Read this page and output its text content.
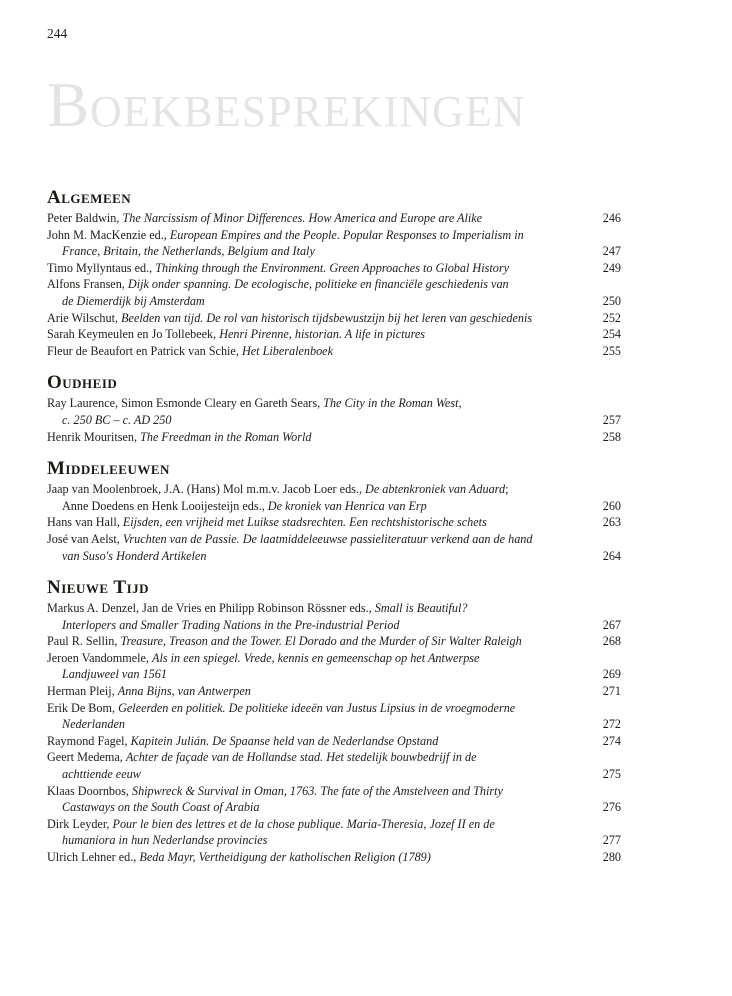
244
Boekbesprekingen
Algemeen
Peter Baldwin, The Narcissism of Minor Differences. How America and Europe are Alike	246
John M. MacKenzie ed., European Empires and the People. Popular Responses to Imperialism in
France, Britain, the Netherlands, Belgium and Italy	247
Timo Myllyntaus ed., Thinking through the Environment. Green Approaches to Global History	249
Alfons Fransen, Dijk onder spanning. De ecologische, politieke en financiële geschiedenis van
de Diemerdijk bij Amsterdam	250
Arie Wilschut, Beelden van tijd. De rol van historisch tijdsbewustzijn bij het leren van geschiedenis	252
Sarah Keymeulen en Jo Tollebeek, Henri Pirenne, historian. A life in pictures	254
Fleur de Beaufort en Patrick van Schie, Het Liberalenboek	255
Oudheid
Ray Laurence, Simon Esmonde Cleary en Gareth Sears, The City in the Roman West,
c. 250 BC – c. AD 250	257
Henrik Mouritsen, The Freedman in the Roman World	258
Middeleeuwen
Jaap van Moolenbroek, J.A. (Hans) Mol m.m.v. Jacob Loer eds., De abtenkroniek van Aduard;
Anne Doedens en Henk Looijesteijn eds., De kroniek van Henrica van Erp	260
Hans van Hall, Eijsden, een vrijheid met Luikse stadsrechten. Een rechtshistorische schets	263
José van Aelst, Vruchten van de Passie. De laatmiddeleeuwse passieliteratuur verkend aan de hand
van Suso's Honderd Artikelen	264
Nieuwe Tijd
Markus A. Denzel, Jan de Vries en Philipp Robinson Rössner eds., Small is Beautiful?
Interlopers and Smaller Trading Nations in the Pre-industrial Period	267
Paul R. Sellin, Treasure, Treason and the Tower. El Dorado and the Murder of Sir Walter Raleigh	268
Jeroen Vandommele, Als in een spiegel. Vrede, kennis en gemeenschap op het Antwerpse
Landjuweel van 1561	269
Herman Pleij, Anna Bijns, van Antwerpen	271
Erik De Bom, Geleerden en politiek. De politieke ideeën van Justus Lipsius in de vroegmoderne
Nederlanden	272
Raymond Fagel, Kapitein Julián. De Spaanse held van de Nederlandse Opstand	274
Geert Medema, Achter de façade van de Hollandse stad. Het stedelijk bouwbedrijf in de
achttiende eeuw	275
Klaas Doornbos, Shipwreck & Survival in Oman, 1763. The fate of the Amstelveen and Thirty
Castaways on the South Coast of Arabia	276
Dirk Leyder, Pour le bien des lettres et de la chose publique. Maria-Theresia, Jozef II en de
humaniora in hun Nederlandse provincies	277
Ulrich Lehner ed., Beda Mayr, Vertheidigung der katholischen Religion (1789)	280
